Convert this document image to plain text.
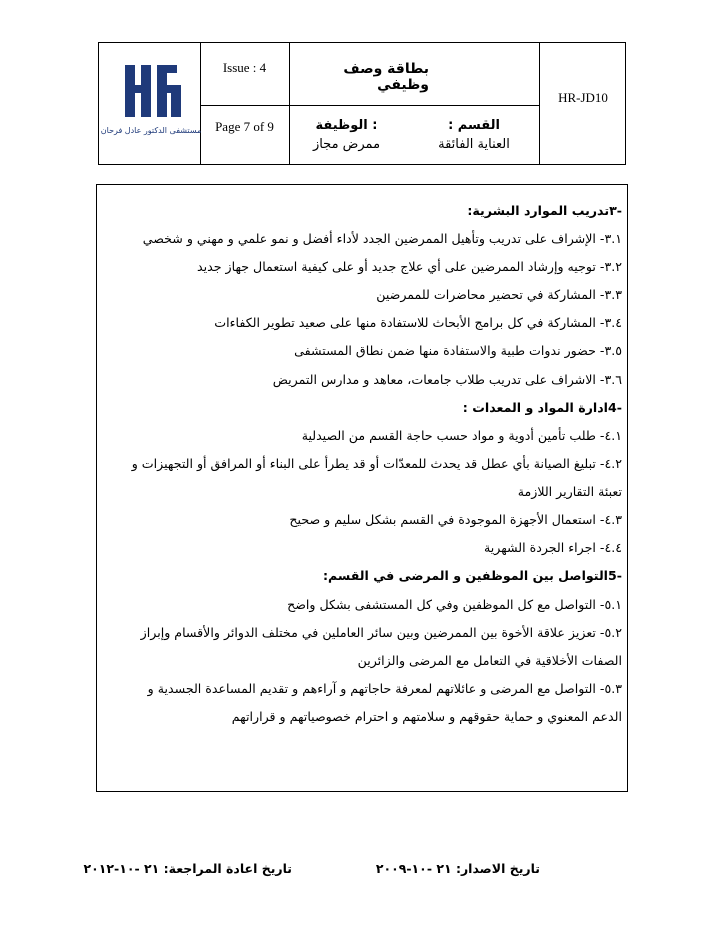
مستشفى الدكتور عادل فرحان
Issue : 4
Page 7 of 9
بطاقة وصف وظيفي
: الوظيفة
ممرض مجاز
القسم :
العناية الفائقة
HR-JD10
-٣تدريب الموارد البشرية:
٣.١- الإشراف على تدريب وتأهيل الممرضين الجدد لأداء أفضل و نمو علمي و مهني و شخصي
٣.٢- توجيه وإرشاد الممرضين على أي علاج جديد أو على كيفية استعمال جهاز جديد
٣.٣- المشاركة في تحضير محاضرات للممرضين
٣.٤- المشاركة في كل برامج الأبحاث للاستفادة منها على صعيد تطوير الكفاءات
٣.٥- حضور ندوات طبية والاستفادة منها ضمن نطاق المستشفى
٣.٦- الاشراف على تدريب طلاب جامعات، معاهد و مدارس التمريض
-4ادارة المواد و المعدات :
٤.١- طلب تأمين أدوية و مواد حسب حاجة القسم من الصيدلية
٤.٢- تبليغ الصيانة بأي عطل قد يحدث للمعدّات أو قد يطرأ على البناء أو المرافق أو التجهيزات و
تعبئة التقارير اللازمة
٤.٣- استعمال الأجهزة الموجودة في القسم بشكل سليم و صحيح
٤.٤- اجراء الجردة الشهرية
-5التواصل بين الموظفين و المرضى في القسم:
٥.١- التواصل مع كل الموظفين وفي كل المستشفى بشكل واضح
٥.٢- تعزيز علاقة الأخوة بين الممرضين وبين سائر العاملين في مختلف الدوائر والأقسام وإبراز
الصفات الأخلاقية في التعامل مع المرضى والزائرين
٥.٣- التواصل مع المرضى و عائلاتهم لمعرفة حاجاتهم و آراءهم و تقديم المساعدة الجسدية و
الدعم المعنوي و حماية حقوقهم و سلامتهم و احترام خصوصياتهم و قراراتهم
تاريخ الاصدار: ٢١ -١٠-٢٠٠٩
تاريخ اعادة المراجعة: ٢١ -١٠-٢٠١٢
